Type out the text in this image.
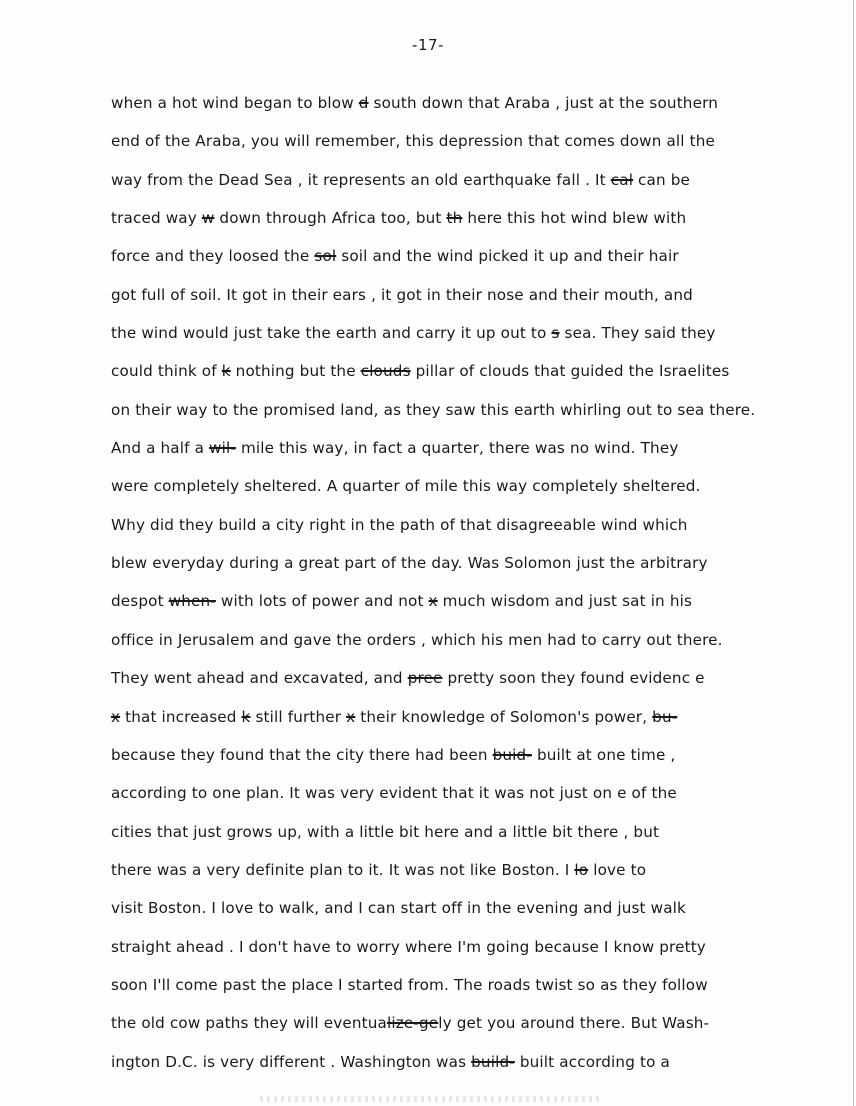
-17-
when a hot wind began to blow d south down that Araba , just at the southern
end of the Araba, you will remember, this depression that comes down all the
way from the Dead Sea , it represents an old earthquake fall . It cal can be
traced way w down through Africa too, but th here this hot wind blew with
force and they loosed the sol soil and the wind picked it up and their hair
got full of soil. It got in their ears , it got in their nose and their mouth, and
the wind would just take the earth and carry it up out to s sea. They said they
could think of k nothing but the clouds pillar of clouds that guided the Israelites
on their way to the promised land, as they saw this earth whirling out to sea there.
And a half a wil- mile this way, in fact a quarter, there was no wind. They
were completely sheltered. A quarter of mile this way completely sheltered.
Why did they build a city right in the path of that disagreeable wind which
blew everyday during a great part of the day. Was Solomon just the arbitrary
despot when- with lots of power and not x much wisdom and just sat in his
office in Jerusalem and gave the orders , which his men had to carry out there.
They went ahead and excavated, and pree pretty soon they found evidenc e
x that increased k still further x their knowledge of Solomon's power, bu-
because they found that the city there had been buid- built at one time ,
according to one plan. It was very evident that it was not just on e of the
cities that just grows up, with a little bit here and a little bit there , but
there was a very definite plan to it. It was not like Boston. I lo love to
visit Boston. I love to walk, and I can start off in the evening and just walk
straight ahead . I don't have to worry where I'm going because I know pretty
soon I'll come past the place I started from. The roads twist so as they follow
the old cow paths they will eventualize-gely get you around there. But Wash-
ington D.C. is very different . Washington was build- built according to a
